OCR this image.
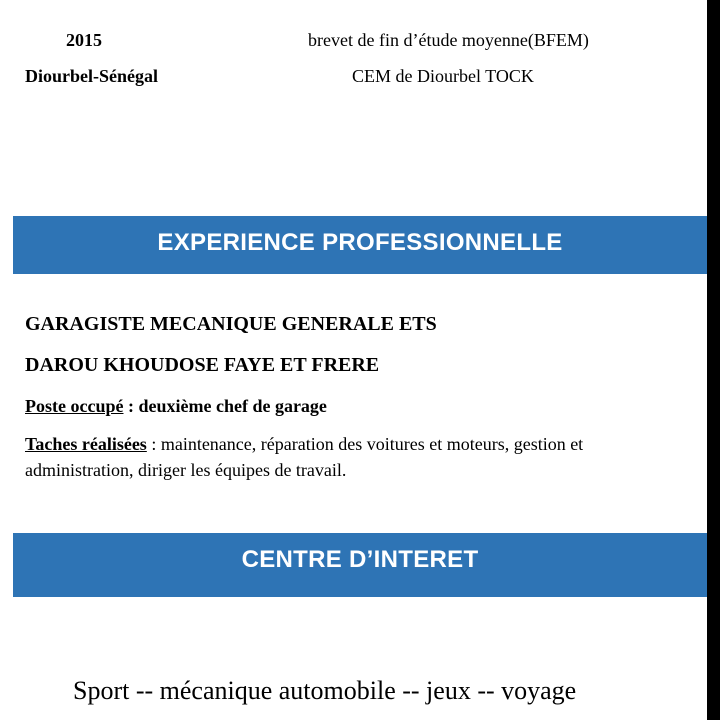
2015	brevet de fin d’étude moyenne(BFEM)
Diourbel-Sénégal	CEM de Diourbel TOCK
EXPERIENCE PROFESSIONNELLE
GARAGISTE MECANIQUE GENERALE ETS
DAROU KHOUDOSE FAYE ET FRERE
Poste occupé : deuxième chef de garage
Taches réalisées : maintenance, réparation des voitures et moteurs, gestion et administration, diriger les équipes de travail.
CENTRE D’INTERET
Sport -- mécanique automobile -- jeux -- voyage
